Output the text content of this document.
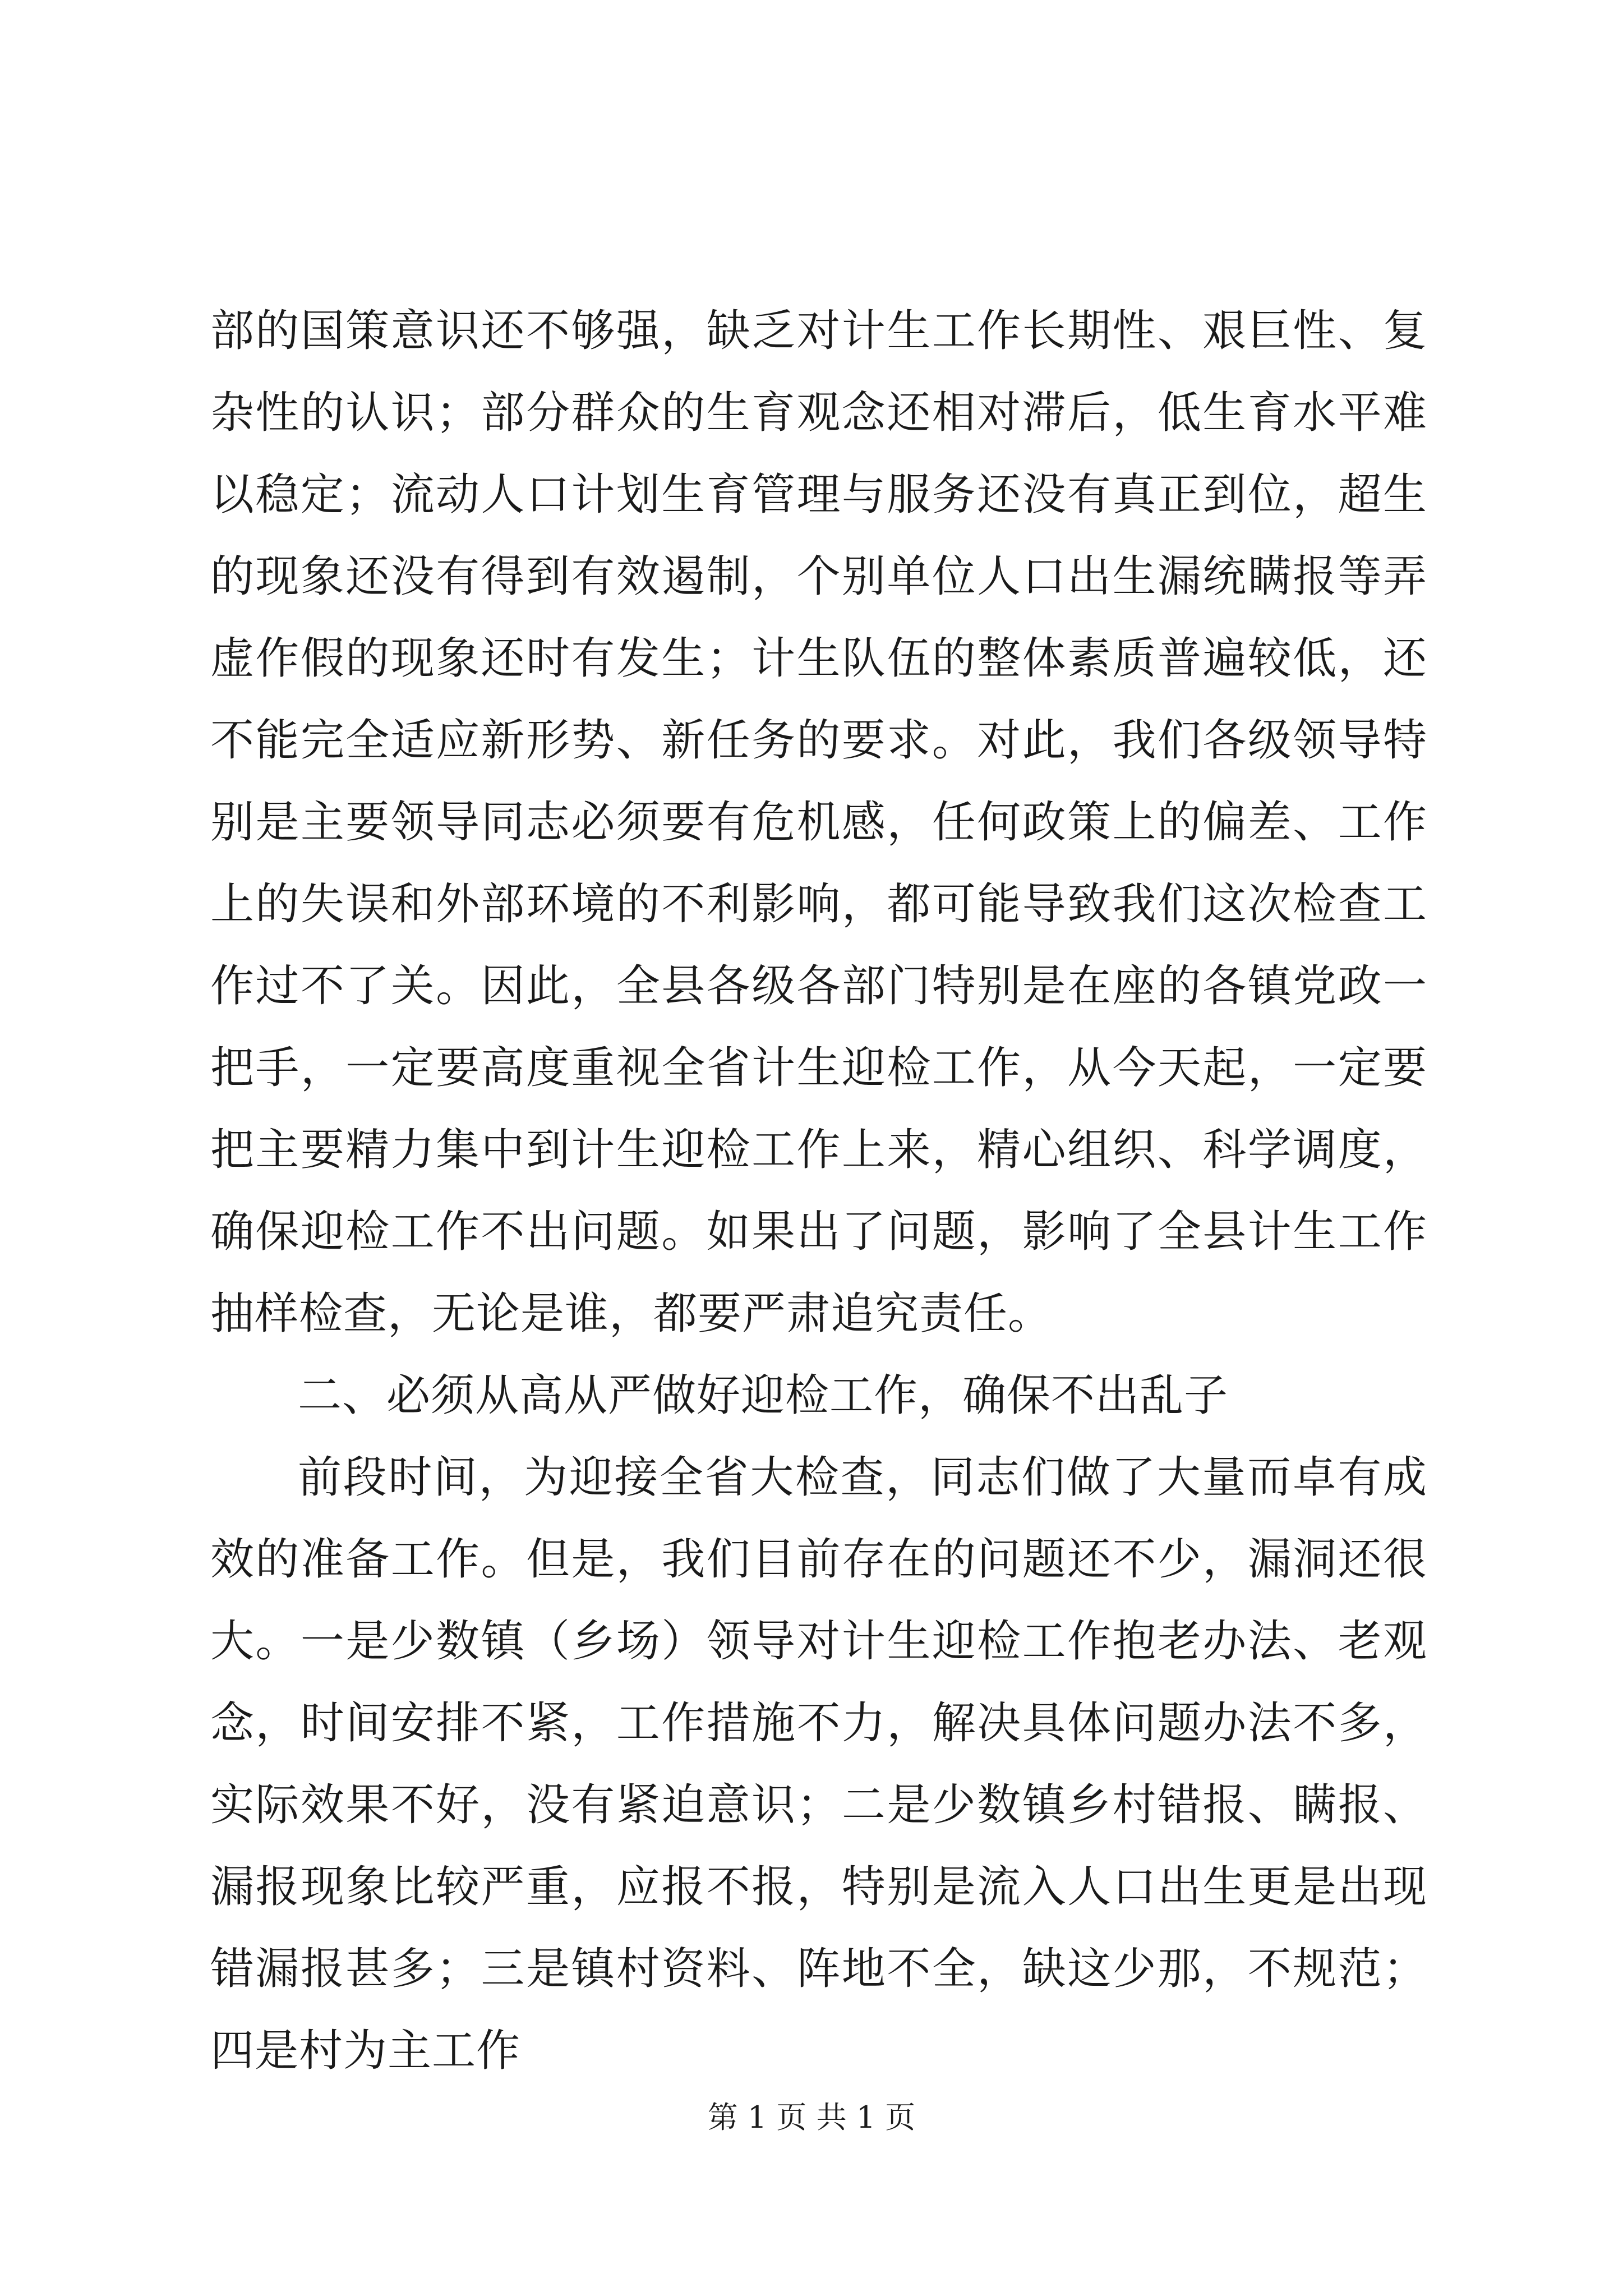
部的国策意识还不够强，缺乏对计生工作长期性、艰巨性、复杂性的认识；部分群众的生育观念还相对滞后，低生育水平难以稳定；流动人口计划生育管理与服务还没有真正到位，超生的现象还没有得到有效遏制，个别单位人口出生漏统瞒报等弄虚作假的现象还时有发生；计生队伍的整体素质普遍较低，还不能完全适应新形势、新任务的要求。对此，我们各级领导特别是主要领导同志必须要有危机感，任何政策上的偏差、工作上的失误和外部环境的不利影响，都可能导致我们这次检查工作过不了关。因此，全县各级各部门特别是在座的各镇党政一把手，一定要高度重视全省计生迎检工作，从今天起，一定要把主要精力集中到计生迎检工作上来，精心组织、科学调度，确保迎检工作不出问题。如果出了问题，影响了全县计生工作抽样检查，无论是谁，都要严肃追究责任。

二、必须从高从严做好迎检工作，确保不出乱子

前段时间，为迎接全省大检查，同志们做了大量而卓有成效的准备工作。但是，我们目前存在的问题还不少，漏洞还很大。一是少数镇（乡场）领导对计生迎检工作抱老办法、老观念，时间安排不紧，工作措施不力，解决具体问题办法不多，实际效果不好，没有紧迫意识；二是少数镇乡村错报、瞒报、漏报现象比较严重，应报不报，特别是流入人口出生更是出现错漏报甚多；三是镇村资料、阵地不全，缺这少那，不规范；四是村为主工作

第 1 页 共 1 页
